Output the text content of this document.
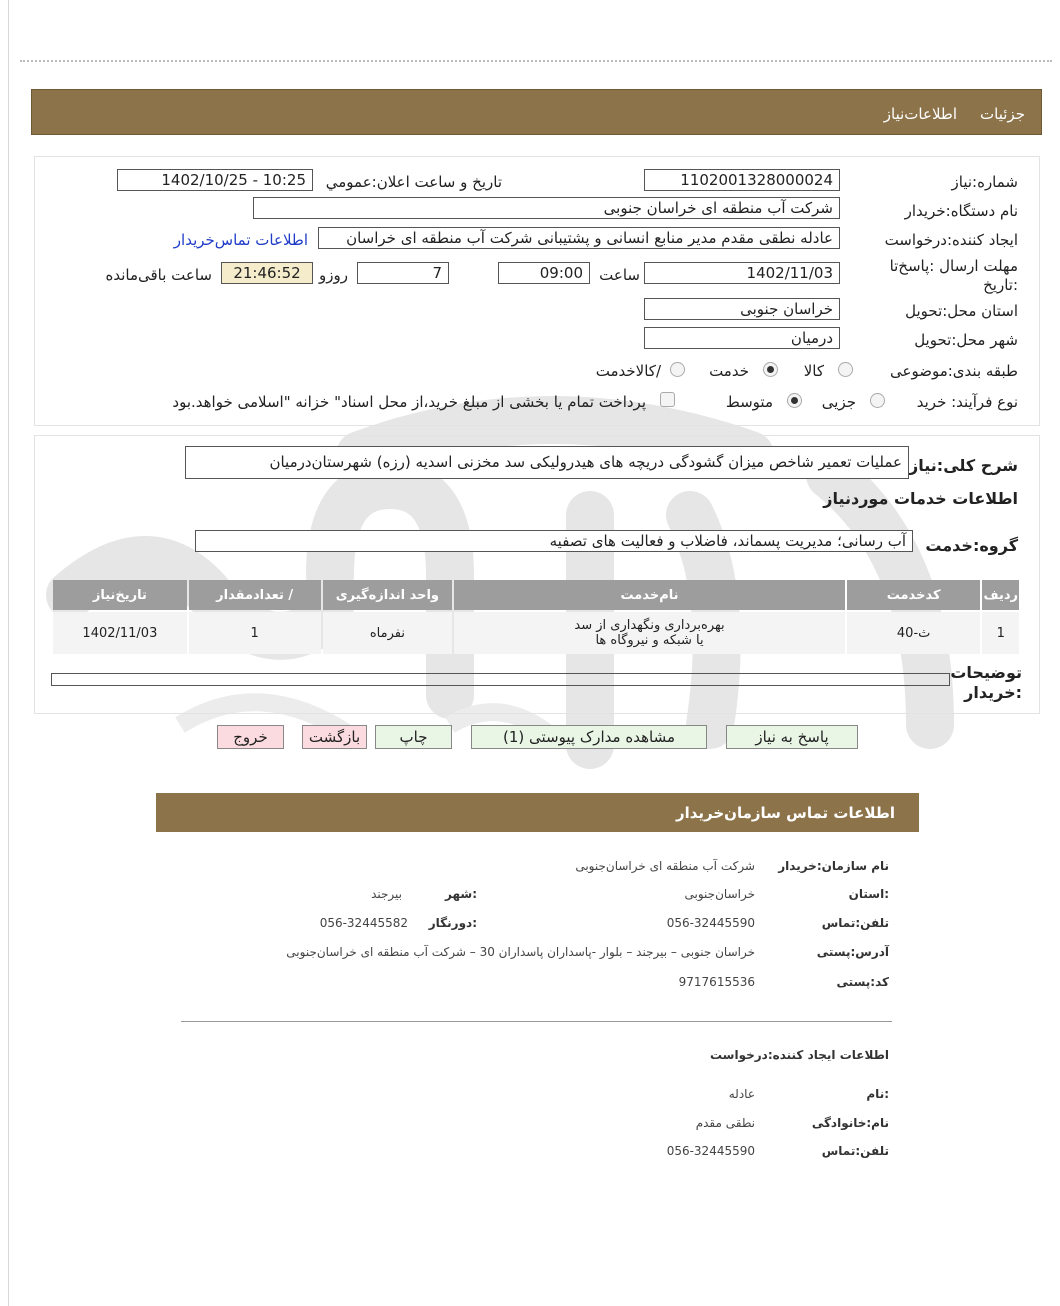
جزئیات
اطلاعات‌نیاز
شماره:نیاز
1102001328000024
تاریخ و ساعت اعلان:عمومي
1402/10/25 - 10:25
نام دستگاه:خریدار
شرکت آب منطقه ای خراسان جنوبی
ایجاد کننده:درخواست
عادله نطقی مقدم مدیر منابع انسانی و پشتیبانی شرکت آب منطقه ای خراسان
اطلاعات تماس‌خریدار
مهلت ارسال :پاسخ‌تا
:تاریخ
1402/11/03
ساعت
09:00
7
روزو
21:46:52
ساعت باقی‌مانده
استان محل:تحویل
خراسان جنوبی
شهر محل:تحویل
درمیان
طبقه بندی:موضوعی
کالا
خدمت
/کالاخدمت
نوع فرآیند: خرید
جزیی
متوسط
پرداخت تمام یا بخشی از مبلغ خرید،از محل اسناد" خزانه "اسلامی خواهد.بود
شرح کلی:نیاز
عملیات تعمیر شاخص میزان گشودگی دریچه های هیدرولیکی سد مخزنی اسدیه (رزه) شهرستان‌درمیان
اطلاعات خدمات موردنیاز
گروه:خدمت
آب رسانی؛ مدیریت پسماند، فاضلاب و فعالیت های تصفیه
ردیف	کدخدمت	نام‌خدمت	واحد اندازه‌گیری	/ تعدادمقدار	تاریخ‌نیاز
1	ث-40	بهره‌برداری ونگهداری از سد
یا شبکه و نیروگاه ها	نفرماه	1	1402/11/03
توضیحات
:خریدار
پاسخ به نیاز
مشاهده مدارک پیوستی (1)
چاپ
بازگشت
خروج
اطلاعات تماس سازمان‌خریدار
نام سازمان:خریدار
شرکت آب منطقه ای خراسان‌جنوبی
:استان
خراسان‌جنوبی
:شهر
بیرجند
تلفن:تماس
056-32445590
:دورنگار
056-32445582
آدرس:پستی
خراسان جنوبی – بیرجند – بلوار -پاسداران پاسداران 30 – شرکت آب منطقه ای خراسان‌جنوبی
کد:پستی
9717615536
اطلاعات ایجاد کننده:درخواست
:نام
عادله
نام:خانوادگی
نطقی مقدم
تلفن:تماس
056-32445590
